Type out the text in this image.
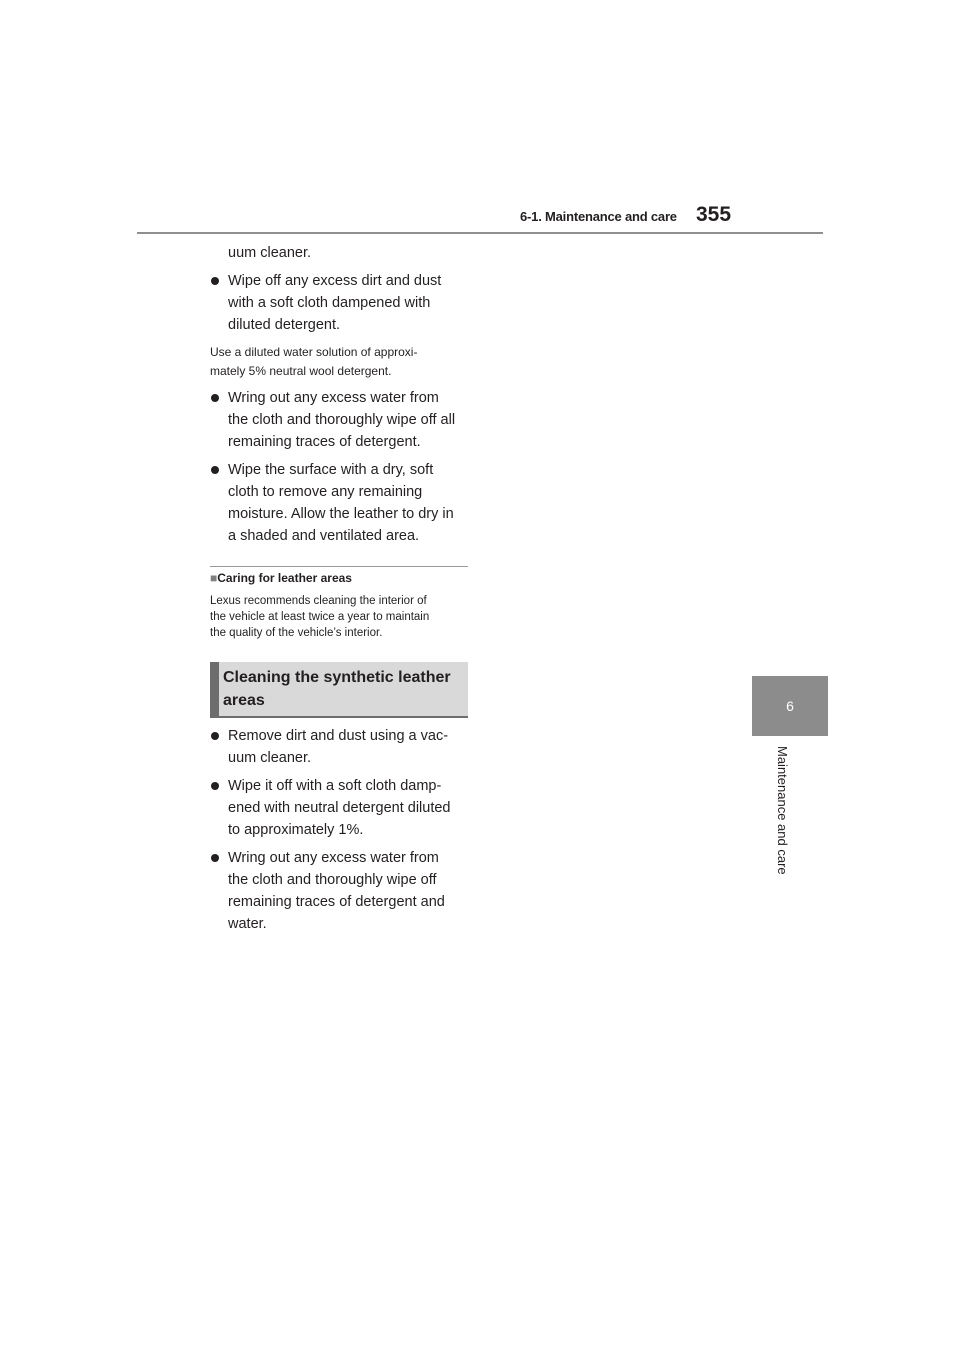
6-1. Maintenance and care 355
6
Maintenance and care
uum cleaner.
Wipe off any excess dirt and dust
with a soft cloth dampened with
diluted detergent.
Use a diluted water solution of approxi-
mately 5% neutral wool detergent.
Wring out any excess water from
the cloth and thoroughly wipe off all
remaining traces of detergent.
Wipe the surface with a dry, soft
cloth to remove any remaining
moisture. Allow the leather to dry in
a shaded and ventilated area.
■Caring for leather areas
Lexus recommends cleaning the interior of
the vehicle at least twice a year to maintain
the quality of the vehicle’s interior.
Cleaning the synthetic leather
areas
Remove dirt and dust using a vac-
uum cleaner.
Wipe it off with a soft cloth damp-
ened with neutral detergent diluted
to approximately 1%.
Wring out any excess water from
the cloth and thoroughly wipe off
remaining traces of detergent and
water.
